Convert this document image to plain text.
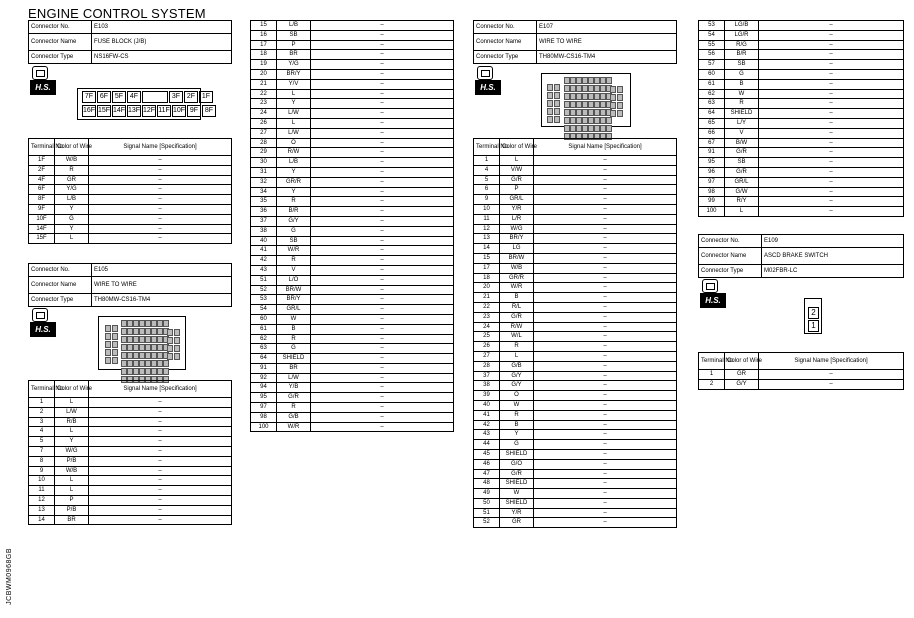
ENGINE CONTROL SYSTEM
JCBWM0968GB
Connector No.	E103
Connector Name	FUSE BLOCK (J/B)
Connector Type	NS16FW-CS
H.S.
7F 6F 5F 4F	3F 2F 1F
16F 15F 14F 13F 12F 11F 10F 9F 8F
Terminal No.	Color of Wire	Signal Name [Specification]
1F	W/B	–
2F	R	–
4F	GR	–
6F	Y/G	–
8F	L/B	–
9F	Y	–
10F	G	–
14F	Y	–
15F	L	–
Connector No.	E105
Connector Name	WIRE TO WIRE
Connector Type	TH80MW-CS16-TM4
H.S.
Terminal No.	Color of Wire	Signal Name [Specification]
1	L	–
2	L/W	–
3	R/B	–
4	L	–
5	Y	–
7	W/G	–
8	P/B	–
9	W/B	–
10	L	–
11	L	–
12	P	–
13	P/B	–
14	BR	–
15	L/B	–
16	SB	–
17	P	–
18	BR	–
19	Y/G	–
20	BR/Y	–
21	Y/V	–
22	L	–
23	Y	–
24	L/W	–
26	L	–
27	L/W	–
28	O	–
29	R/W	–
30	L/B	–
31	Y	–
32	GR/R	–
34	Y	–
35	R	–
36	B/R	–
37	G/Y	–
38	G	–
40	SB	–
41	W/R	–
42	R	–
43	V	–
51	L/O	–
52	BR/W	–
53	BR/Y	–
54	GR/L	–
60	W	–
61	B	–
62	R	–
63	G	–
64	SHIELD	–
91	BR	–
92	L/W	–
94	Y/B	–
95	G/R	–
97	R	–
98	G/B	–
100	W/R	–
Connector No.	E107
Connector Name	WIRE TO WIRE
Connector Type	TH80MW-CS16-TM4
H.S.
Terminal No.	Color of Wire	Signal Name [Specification]
1	L	–
4	V/W	–
5	G/R	–
6	P	–
9	GR/L	–
10	Y/R	–
11	L/R	–
12	W/G	–
13	BR/Y	–
14	LG	–
15	BR/W	–
17	W/B	–
18	GR/R	–
20	W/R	–
21	B	–
22	R/L	–
23	G/R	–
24	R/W	–
25	W/L	–
26	R	–
27	L	–
28	G/B	–
37	G/Y	–
38	G/Y	–
39	O	–
40	W	–
41	R	–
42	B	–
43	Y	–
44	G	–
45	SHIELD	–
46	G/O	–
47	G/R	–
48	SHIELD	–
49	W	–
50	SHIELD	–
51	Y/R	–
52	GR	–
53	LG/B	–
54	LG/R	–
55	R/G	–
56	B/R	–
57	SB	–
60	G	–
61	B	–
62	W	–
63	R	–
64	SHIELD	–
65	L/Y	–
66	V	–
67	B/W	–
91	G/R	–
95	SB	–
96	G/R	–
97	GR/L	–
98	G/W	–
99	R/Y	–
100	L	–
Connector No.	E109
Connector Name	ASCD BRAKE SWITCH
Connector Type	M02FBR-LC
H.S.
2
1
Terminal No.	Color of Wire	Signal Name [Specification]
1	GR	–
2	G/Y	–
